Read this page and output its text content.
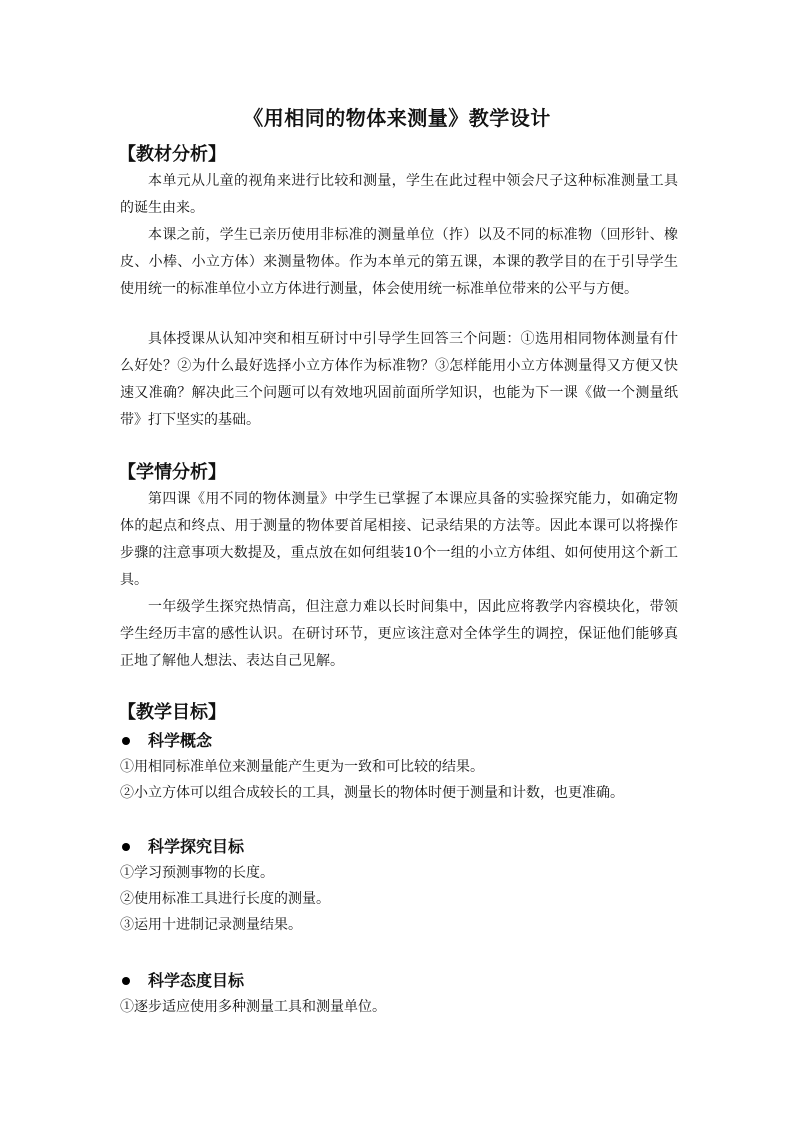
《用相同的物体来测量》教学设计
【教材分析】
本单元从儿童的视角来进行比较和测量，学生在此过程中领会尺子这种标准测量工具的诞生由来。
本课之前，学生已亲历使用非标准的测量单位（拃）以及不同的标准物（回形针、橡皮、小棒、小立方体）来测量物体。作为本单元的第五课，本课的教学目的在于引导学生使用统一的标准单位小立方体进行测量，体会使用统一标准单位带来的公平与方便。
具体授课从认知冲突和相互研讨中引导学生回答三个问题：①选用相同物体测量有什么好处？②为什么最好选择小立方体作为标准物？③怎样能用小立方体测量得又方便又快速又准确？解决此三个问题可以有效地巩固前面所学知识，也能为下一课《做一个测量纸带》打下坚实的基础。
【学情分析】
第四课《用不同的物体测量》中学生已掌握了本课应具备的实验探究能力，如确定物体的起点和终点、用于测量的物体要首尾相接、记录结果的方法等。因此本课可以将操作步骤的注意事项大数提及，重点放在如何组装10个一组的小立方体组、如何使用这个新工具。
一年级学生探究热情高，但注意力难以长时间集中，因此应将教学内容模块化，带领学生经历丰富的感性认识。在研讨环节，更应该注意对全体学生的调控，保证他们能够真正地了解他人想法、表达自己见解。
【教学目标】
科学概念
①用相同标准单位来测量能产生更为一致和可比较的结果。
②小立方体可以组合成较长的工具，测量长的物体时便于测量和计数，也更准确。
科学探究目标
①学习预测事物的长度。
②使用标准工具进行长度的测量。
③运用十进制记录测量结果。
科学态度目标
①逐步适应使用多种测量工具和测量单位。
